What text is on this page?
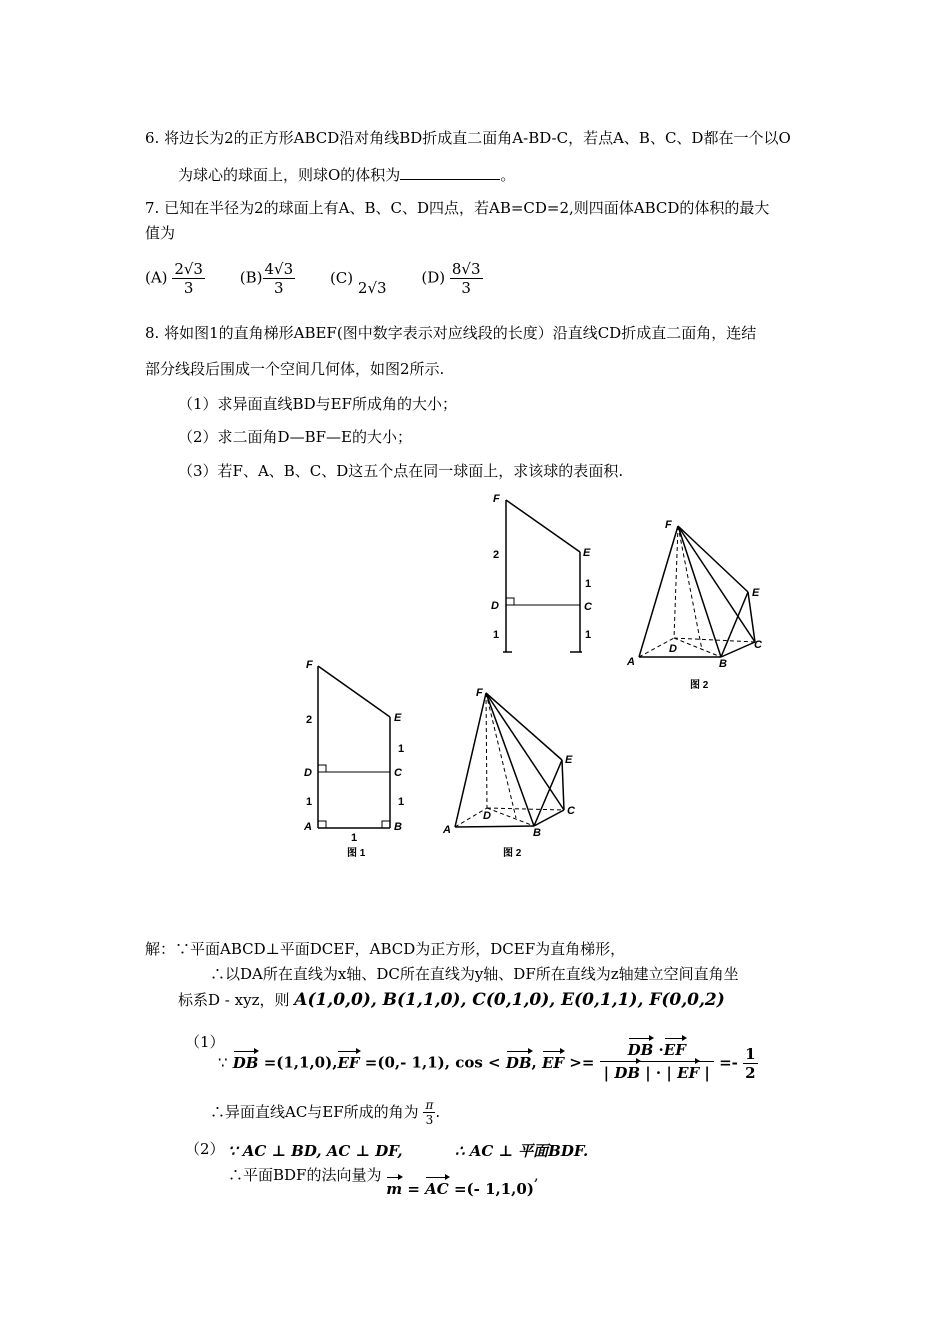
6. 将边长为2的正方形ABCD沿对角线BD折成直二面角A-BD-C，若点A、B、C、D都在一个以O
为球心的球面上，则球O的体积为	。
7. 已知在半径为2的球面上有A、B、C、D四点，若AB=CD=2,则四面体ABCD的体积的最大
值为
$(A) \frac{2√3}{3} (B) \frac{4√3}{3} (C)$ 2√3 $(D) \frac{8√3}{3}$
8. 将如图1的直角梯形ABEF(图中数字表示对应线段的长度）沿直线CD折成直二面角，连结
部分线段后围成一个空间几何体，如图2所示.
（1）求异面直线BD与EF所成角的大小；
（2）求二面角D—BF—E的大小；
（3）若F、A、B、C、D这五个点在同一球面上，求该球的表面积.
F
E
D	C
2
1
1	1
F
E
C
D
A	B
图 2
F
E
D	C
A	B
2
1
1	1
1
图 1
F
E
C
D
A	B
图 2
解：∵平面ABCD⊥平面DCEF，ABCD为正方形，DCEF为直角梯形，
∴以DA所在直线为x轴、DC所在直线为y轴、DF所在直线为z轴建立空间直角坐
标系D - xyz，则 A(1,0,0), B(1,1,0), C(0,1,0), E(0,1,1), F(0,0,2)
（1）
∵ DB =(1,1,0),EF =(0,- 1,1), cos < DB, EF >= $\frac{DB \cdot EF}{| DB | \cdot | EF |} =- \frac{1}{2}$
∴异面直线AC与EF所成的角为 $\frac{\pi}{3}$ .
（2） ∵ AC ⊥ BD, AC ⊥ DF,	∴ AC ⊥ 平面BDF.
∴平面BDF的法向量为 m = AC =(- 1,1,0),
